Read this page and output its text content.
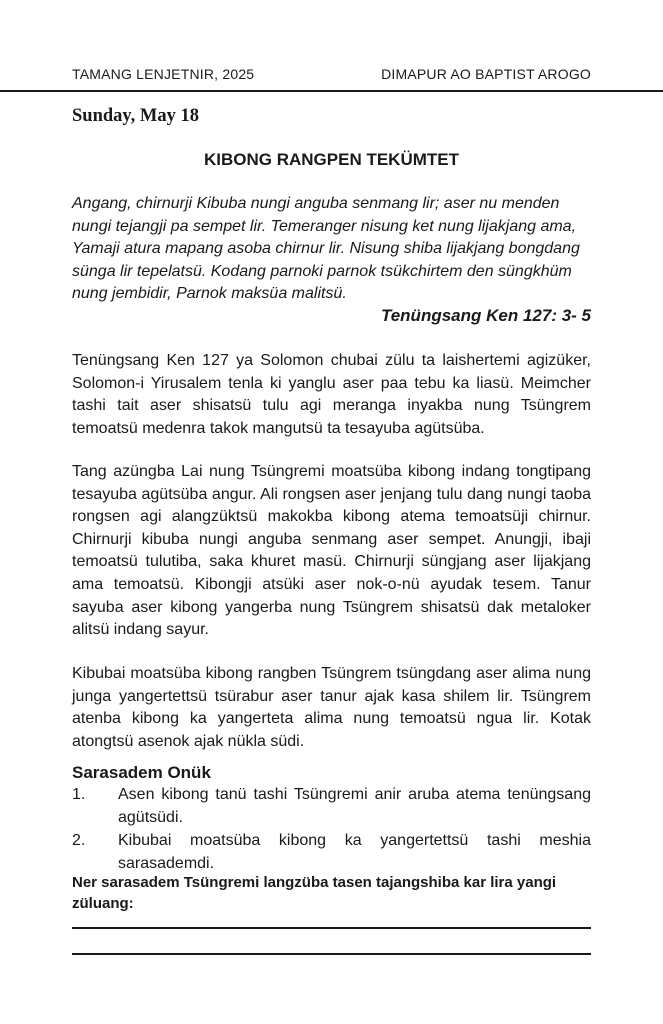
TAMANG LENJETNIR, 2025	DIMAPUR AO BAPTIST AROGO
Sunday, May 18
KIBONG RANGPEN TEKÜMTET

Angang, chirnurji Kibuba nungi anguba senmang lir; aser nu menden nungi tejangji pa sempet lir. Temeranger nisung ket nung lijakjang ama, Yamaji atura mapang asoba chirnur lir. Nisung shiba lijakjang bongdang sünga lir tepelatsü. Kodang parnoki parnok tsükchirtem den süngkhüm nung jembidir, Parnok maksüa malitsü.

Tenüngsang Ken 127: 3- 5

Tenüngsang Ken 127 ya Solomon chubai zülu ta laishertemi agizüker, Solomon-i Yirusalem tenla ki yanglu aser paa tebu ka liasü. Meimcher tashi tait aser shisatsü tulu agi meranga inyakba nung Tsüngrem temoatsü medenra takok mangutsü ta tesayuba agütsüba.

Tang azüngba Lai nung Tsüngremi moatsüba kibong indang tongtipang tesayuba agütsüba angur. Ali rongsen aser jenjang tulu dang nungi taoba rongsen agi alangzüktsü makokba kibong atema temoatsüji chirnur. Chirnurji kibuba nungi anguba senmang aser sempet. Anungji, ibaji temoatsü tulutiba, saka khuret masü. Chirnurji süngjang aser lijakjang ama temoatsü. Kibongji atsüki aser nok-o-nü ayudak tesem. Tanur sayuba aser kibong yangerba nung Tsüngrem shisatsü dak metaloker alitsü indang sayur.

Kibubai moatsüba kibong rangben Tsüngrem tsüngdang aser alima nung junga yangertettsü tsürabur aser tanur ajak kasa shilem lir. Tsüngrem atenba kibong ka yangerteta alima nung temoatsü ngua lir. Kotak atongtsü asenok ajak nükla südi.

Sarasadem Onük
1.	Asen kibong tanü tashi Tsüngremi anir aruba atema tenüngsang agütsüdi.
2.	Kibubai moatsüba kibong ka yangertettsü tashi meshia sarasademdi.
Ner sarasadem Tsüngremi langzüba tasen tajangshiba kar lira yangi züluang:
